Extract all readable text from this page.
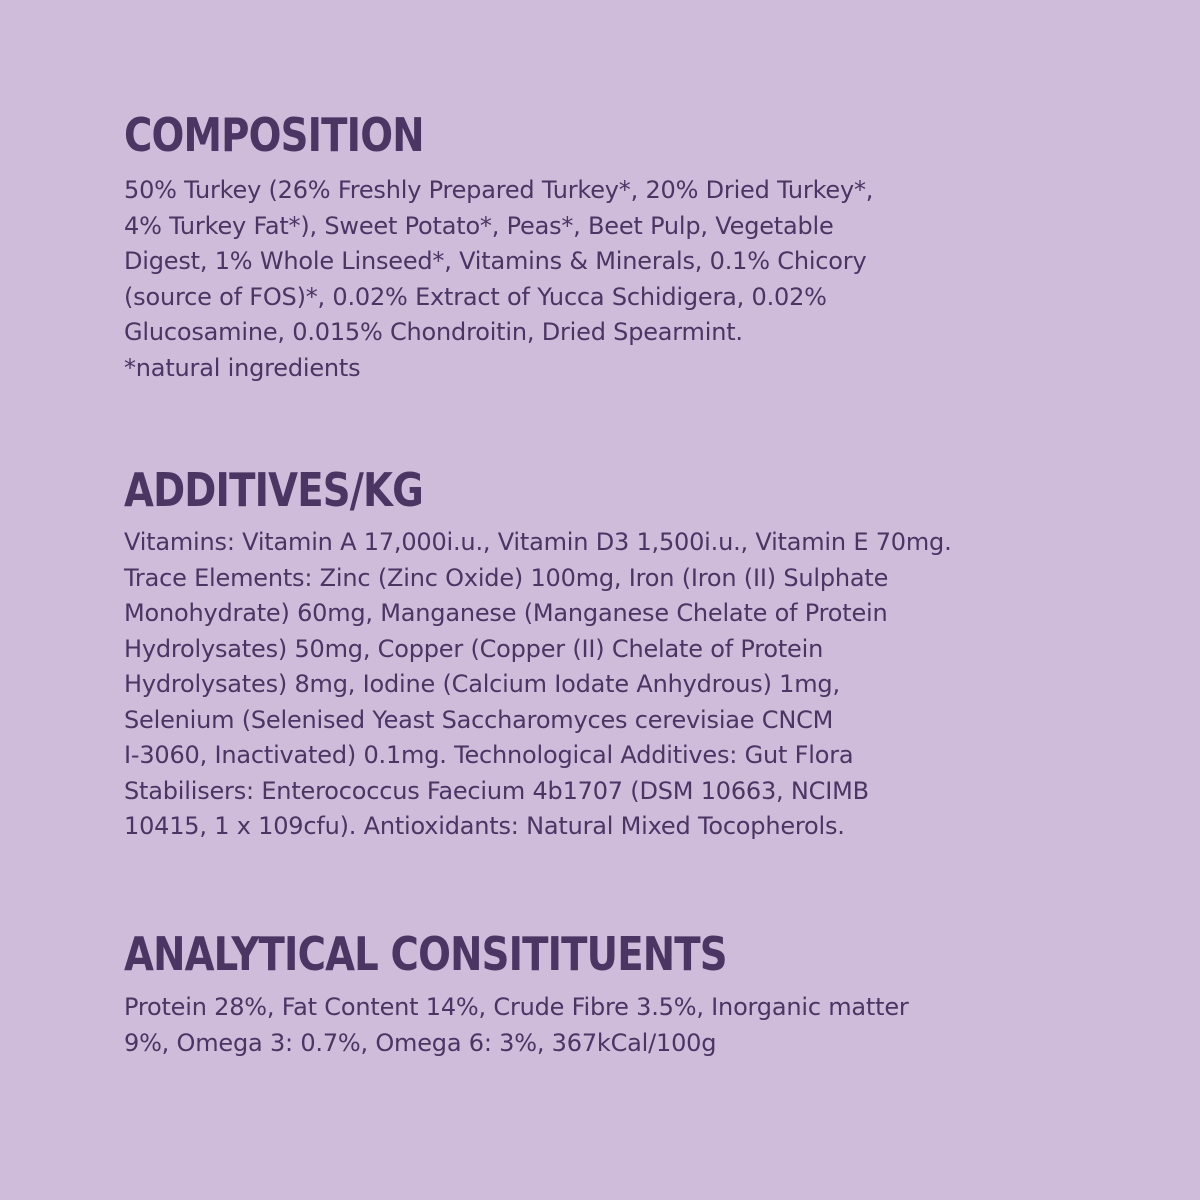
COMPOSITION

50% Turkey (26% Freshly Prepared Turkey*, 20% Dried Turkey*,
4% Turkey Fat*), Sweet Potato*, Peas*, Beet Pulp, Vegetable
Digest, 1% Whole Linseed*, Vitamins & Minerals, 0.1% Chicory
(source of FOS)*, 0.02% Extract of Yucca Schidigera, 0.02%
Glucosamine, 0.015% Chondroitin, Dried Spearmint.
*natural ingredients

ADDITIVES/KG

Vitamins: Vitamin A 17,000i.u., Vitamin D3 1,500i.u., Vitamin E 70mg.
Trace Elements: Zinc (Zinc Oxide) 100mg, Iron (Iron (II) Sulphate
Monohydrate) 60mg, Manganese (Manganese Chelate of Protein
Hydrolysates) 50mg, Copper (Copper (II) Chelate of Protein
Hydrolysates) 8mg, Iodine (Calcium Iodate Anhydrous) 1mg,
Selenium (Selenised Yeast Saccharomyces cerevisiae CNCM
I-3060, Inactivated) 0.1mg. Technological Additives: Gut Flora
Stabilisers: Enterococcus Faecium 4b1707 (DSM 10663, NCIMB
10415, 1 x 109cfu). Antioxidants: Natural Mixed Tocopherols.

ANALYTICAL CONSITITUENTS

Protein 28%, Fat Content 14%, Crude Fibre 3.5%, Inorganic matter
9%, Omega 3: 0.7%, Omega 6: 3%, 367kCal/100g
